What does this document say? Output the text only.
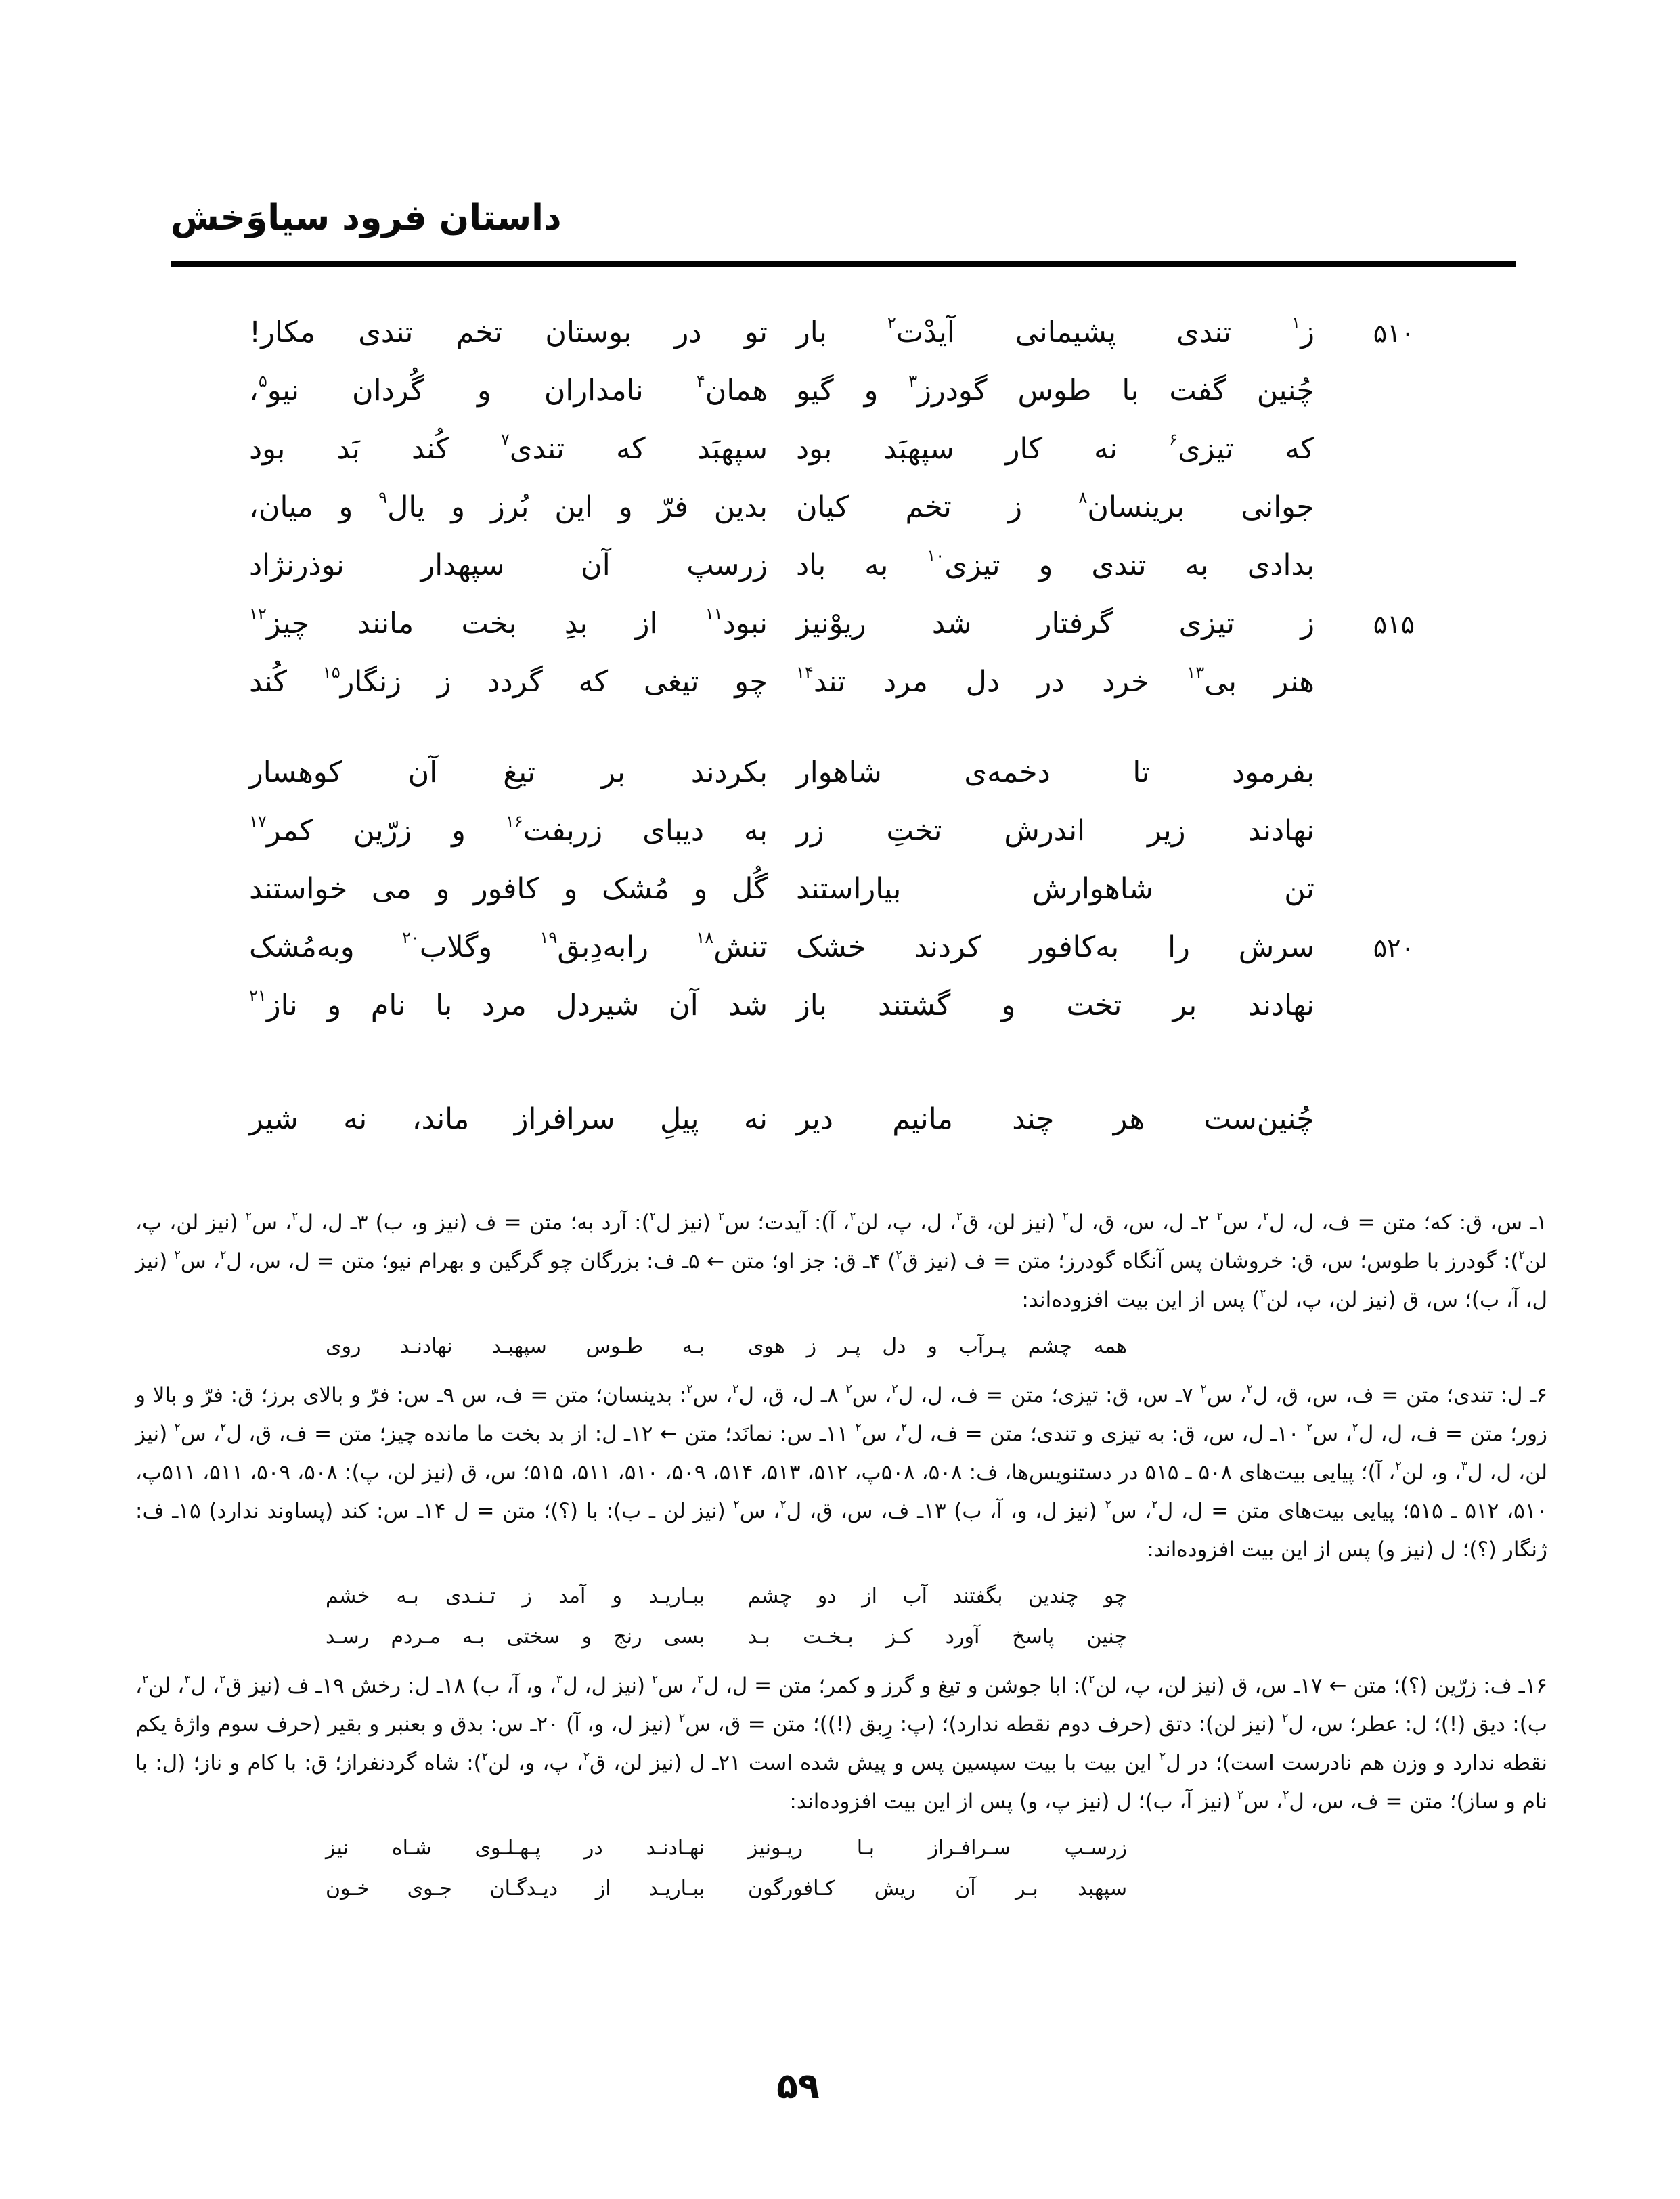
داستان فرود سیاوَخش
۵۱۰
ز$^۱$ تندی پشیمانی آیدْت$^۲$ بار
تو در بوستان تخم تندی مکار!
چُنین گفت با طوس گودرز$^۳$ و گیو
همان$^۴$ نامداران و گُردان نیو$^۵$،
که تیزی$^۶$ نه کار سپهبَد بود
سپهبَد که تندی$^۷$ کُند بَد بود
جوانی برینسان$^۸$ ز تخم کیان
بدین فرّ و این بُرز و یال$^۹$ و میان،
بدادی به تندی و تیزی$^{۱۰}$ به باد
زرسپ آن سپهدار نوذرنژاد
۵۱۵
ز تیزی گرفتار شد ریوْنیز
نبود$^{۱۱}$ از بدِ بخت مانند چیز$^{۱۲}$
هنر بی$^{۱۳}$ خرد در دل مرد تند$^{۱۴}$
چو تیغی که گردد ز زنگار$^{۱۵}$ کُند
بفرمود تا دخمه‌ی شاهوار
بکردند بر تیغ آن کوهسار
نهادند زیر اندرش تختِ زر
به دیبای زربفت$^{۱۶}$ و زرّین کمر$^{۱۷}$
تن شاهوارش بیاراستند
گُل و مُشک و کافور و می خواستند
۵۲۰
سرش را به‌کافور کردند خشک
تنش$^{۱۸}$ رابه‌دِبق$^{۱۹}$ وگلاب$^{۲۰}$ وبه‌مُشک
نهادند بر تخت و گشتند باز
شد آن شیردل مرد با نام و ناز$^{۲۱}$
چُنین‌ست هر چند مانیم دیر
نه پیلِ سرافراز ماند، نه شیر

۱ـ س، ق: که؛ متن = ف، ل، ل$^۲$، س$^۲$ ۲ـ ل، س، ق، ل$^۲$ (نیز لن، ق$^۲$، ل، پ، لن$^۲$، آ): آیدت؛ س$^۲$ (نیز ل$^۲$): آرد به؛ متن = ف (نیز و، ب) ۳ـ ل، ل$^۲$، س$^۲$ (نیز لن، پ، لن$^۲$): گودرز با طوس؛ س، ق: خروشان پس آنگاه گودرز؛ متن = ف (نیز ق$^۲$) ۴ـ ق: جز او؛ متن ← ۵ـ ف: بزرگان چو گرگین و بهرام نیو؛ متن = ل، س، ل$^۲$، س$^۲$ (نیز ل، آ، ب)؛ س، ق (نیز لن، پ، لن$^۲$) پس از این بیت افزوده‌اند:

همه چشم پـرآب و دل پـر ز هوی
بـه طـوس سپهبـد نهادنـد روی

۶ـ ل: تندی؛ متن = ف، س، ق، ل$^۲$، س$^۲$ ۷ـ س، ق: تیزی؛ متن = ف، ل، ل$^۲$، س$^۲$ ۸ـ ل، ق، ل$^۲$، س$^۲$: بدینسان؛ متن = ف، س ۹ـ س: فرّ و بالای برز؛ ق: فرّ و بالا و زور؛ متن = ف، ل، ل$^۲$، س$^۲$ ۱۰ـ ل، س، ق: به تیزی و تندی؛ متن = ف، ل$^۲$، س$^۲$ ۱۱ـ س: نمانَد؛ متن ← ۱۲ـ ل: از بد بخت ما مانده چیز؛ متن = ف، ق، ل$^۲$، س$^۲$ (نیز لن، ل، ل$^۳$، و، لن$^۲$، آ)؛ پیایی بیت‌های ۵۰۸ ـ ۵۱۵ در دستنویس‌ها، ف: ۵۰۸، ۵۰۸پ، ۵۱۲، ۵۱۳، ۵۱۴، ۵۰۹، ۵۱۰، ۵۱۱، ۵۱۵؛ س، ق (نیز لن، پ): ۵۰۸، ۵۰۹، ۵۱۱، ۵۱۱پ، ۵۱۰، ۵۱۲ ـ ۵۱۵؛ پیایی بیت‌های متن = ل، ل$^۲$، س$^۲$ (نیز ل، و، آ، ب) ۱۳ـ ف، س، ق، ل$^۲$، س$^۲$ (نیز لن ـ ب): با (؟)؛ متن = ل ۱۴ـ س: کند (پساوند ندارد) ۱۵ـ ف: ژنگار (؟)؛ ل (نیز و) پس از این بیت افزوده‌اند:

چو چندین بگفتند آب از دو چشم
ببـاریـد و آمد ز تـنـدی بـه خشم
چنین پاسخ آورد کـز بـخـت بـد
بسی رنج و سختی بـه مـردم رسـد

۱۶ـ ف: زرّین (؟)؛ متن ← ۱۷ـ س، ق (نیز لن، پ، لن$^۲$): ابا جوشن و تیغ و گرز و کمر؛ متن = ل، ل$^۲$، س$^۲$ (نیز ل، ل$^۳$، و، آ، ب) ۱۸ـ ل: رخش ۱۹ـ ف (نیز ق$^۲$، ل$^۳$، لن$^۲$، ب): دیق (!)؛ ل: عطر؛ س، ل$^۲$ (نیز لن): دتق (حرف دوم نقطه ندارد)؛ (پ: رِبق (!))؛ متن = ق، س$^۲$ (نیز ل، و، آ) ۲۰ـ س: بدق و بعنبر و بقیر (حرف سوم واژهٔ یکم نقطه ندارد و وزن هم نادرست است)؛ در ل$^۲$ این بیت با بیت سپسین پس و پیش شده است ۲۱ـ ل (نیز لن، ق$^۲$، پ، و، لن$^۲$): شاه گردنفراز؛ ق: با کام و ناز؛ (ل: با نام و ساز)؛ متن = ف، س، ل$^۲$، س$^۲$ (نیز آ، ب)؛ ل (نیز پ، و) پس از این بیت افزوده‌اند:

زرسـپ سـرافـراز بـا ریـونیز
نهـادنـد در پـهـلـوی شـاه نیز
سپهبد بـر آن ریش کـافورگون
ببـاریـد از دیـدگـان جـوی خـون
۵۹
